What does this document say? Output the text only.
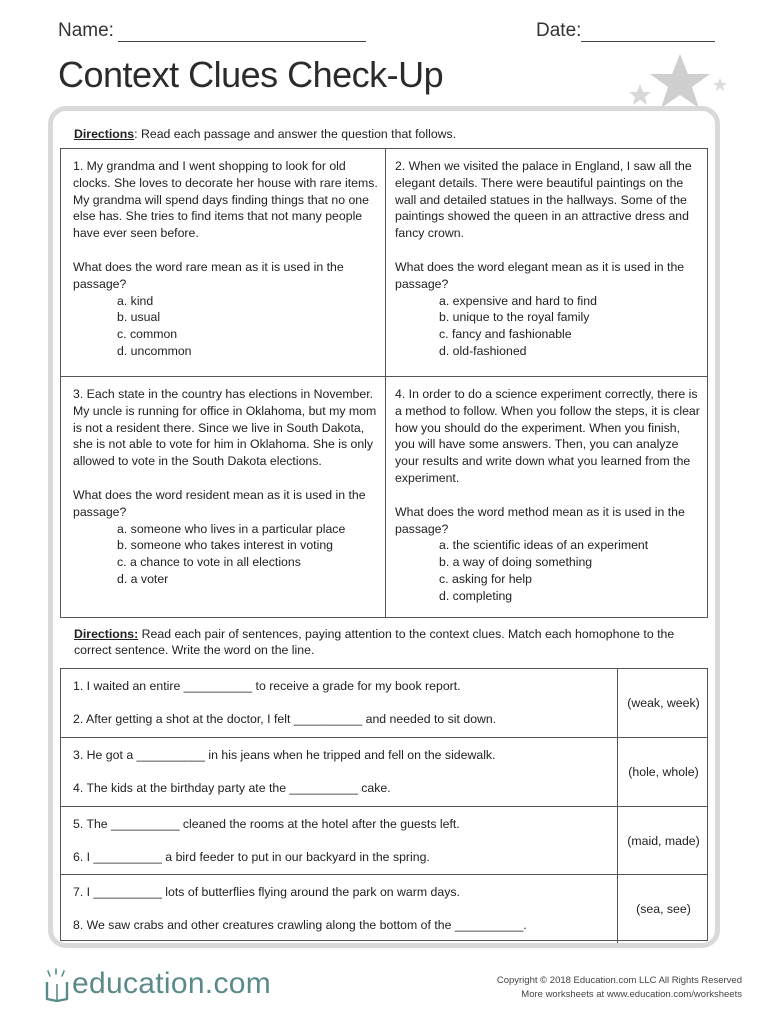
Name:	Date:
Context Clues Check-Up
Directions: Read each passage and answer the question that follows.
1. My grandma and I went shopping to look for old clocks. She loves to decorate her house with rare items. My grandma will spend days finding things that no one else has. She tries to find items that not many people have ever seen before.
What does the word rare mean as it is used in the passage?
a. kind
b. usual
c. common
d. uncommon
2. When we visited the palace in England, I saw all the elegant details. There were beautiful paintings on the wall and detailed statues in the hallways. Some of the paintings showed the queen in an attractive dress and fancy crown.
What does the word elegant mean as it is used in the passage?
a. expensive and hard to find
b. unique to the royal family
c. fancy and fashionable
d. old-fashioned
3. Each state in the country has elections in November. My uncle is running for office in Oklahoma, but my mom is not a resident there. Since we live in South Dakota, she is not able to vote for him in Oklahoma. She is only allowed to vote in the South Dakota elections.
What does the word resident mean as it is used in the passage?
a. someone who lives in a particular place
b. someone who takes interest in voting
c. a chance to vote in all elections
d. a voter
4. In order to do a science experiment correctly, there is a method to follow. When you follow the steps, it is clear how you should do the experiment. When you finish, you will have some answers. Then, you can analyze your results and write down what you learned from the experiment.
What does the word method mean as it is used in the passage?
a. the scientific ideas of an experiment
b. a way of doing something
c. asking for help
d. completing
Directions: Read each pair of sentences, paying attention to the context clues. Match each homophone to the correct sentence. Write the word on the line.
1. I waited an entire __________ to receive a grade for my book report.
2. After getting a shot at the doctor, I felt __________ and needed to sit down.
(weak, week)
3. He got a __________ in his jeans when he tripped and fell on the sidewalk.
4. The kids at the birthday party ate the __________ cake.
(hole, whole)
5. The __________ cleaned the rooms at the hotel after the guests left.
6. I __________ a bird feeder to put in our backyard in the spring.
(maid, made)
7. I __________ lots of butterflies flying around the park on warm days.
8. We saw crabs and other creatures crawling along the bottom of the __________.
(sea, see)
education.com	Copyright © 2018 Education.com LLC All Rights Reserved
More worksheets at www.education.com/worksheets
